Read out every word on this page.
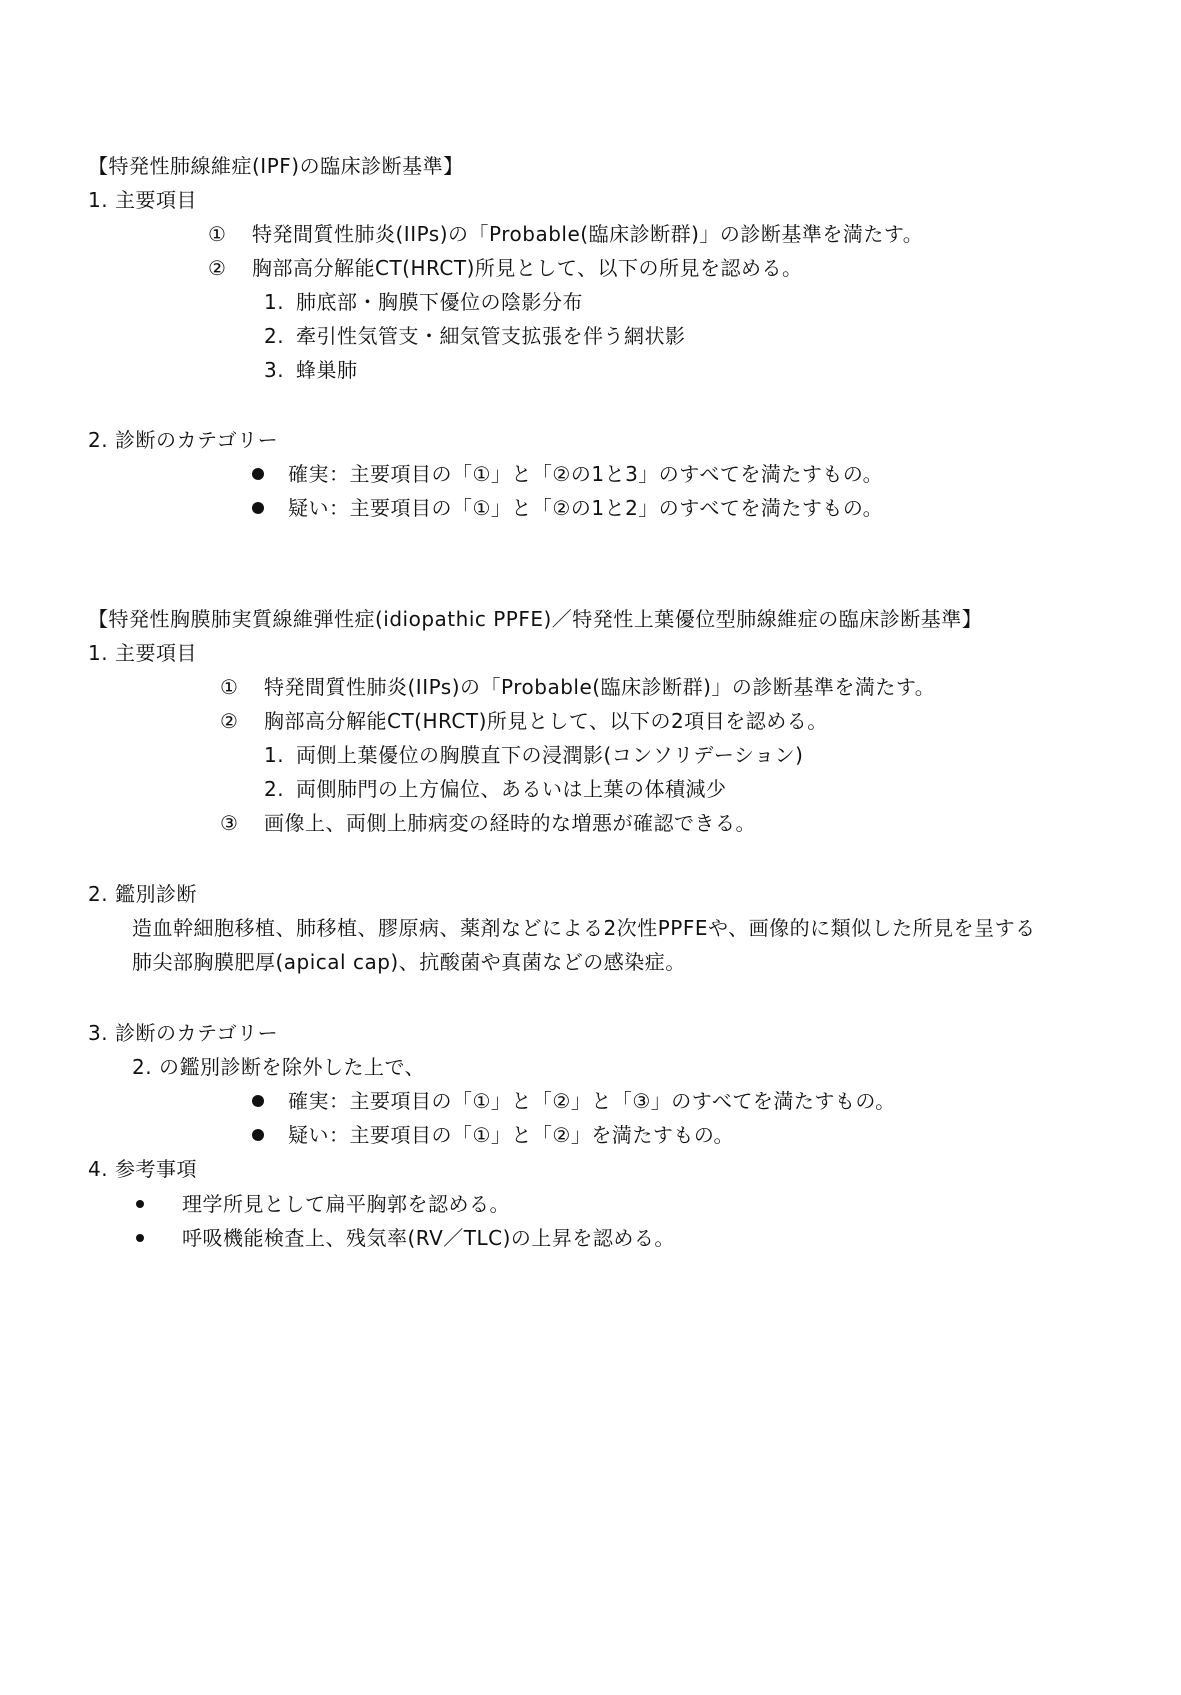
【特発性肺線維症(IPF)の臨床診断基準】
1. 主要項目
① 特発間質性肺炎(IIPs)の「Probable(臨床診断群)」の診断基準を満たす。
② 胸部高分解能CT(HRCT)所見として、以下の所見を認める。
1. 肺底部・胸膜下優位の陰影分布
2. 牽引性気管支・細気管支拡張を伴う網状影
3. 蜂巣肺
2. 診断のカテゴリー
確実：主要項目の「①」と「②の1と3」のすべてを満たすもの。
疑い：主要項目の「①」と「②の1と2」のすべてを満たすもの。
【特発性胸膜肺実質線維弾性症(idiopathic PPFE)／特発性上葉優位型肺線維症の臨床診断基準】
1. 主要項目
① 特発間質性肺炎(IIPs)の「Probable(臨床診断群)」の診断基準を満たす。
② 胸部高分解能CT(HRCT)所見として、以下の2項目を認める。
1. 両側上葉優位の胸膜直下の浸潤影(コンソリデーション)
2. 両側肺門の上方偏位、あるいは上葉の体積減少
③ 画像上、両側上肺病変の経時的な増悪が確認できる。
2. 鑑別診断
造血幹細胞移植、肺移植、膠原病、薬剤などによる2次性PPFEや、画像的に類似した所見を呈する
肺尖部胸膜肥厚(apical cap)、抗酸菌や真菌などの感染症。
3. 診断のカテゴリー
2. の鑑別診断を除外した上で、
確実：主要項目の「①」と「②」と「③」のすべてを満たすもの。
疑い：主要項目の「①」と「②」を満たすもの。
4. 参考事項
理学所見として扁平胸郭を認める。
呼吸機能検査上、残気率(RV／TLC)の上昇を認める。
